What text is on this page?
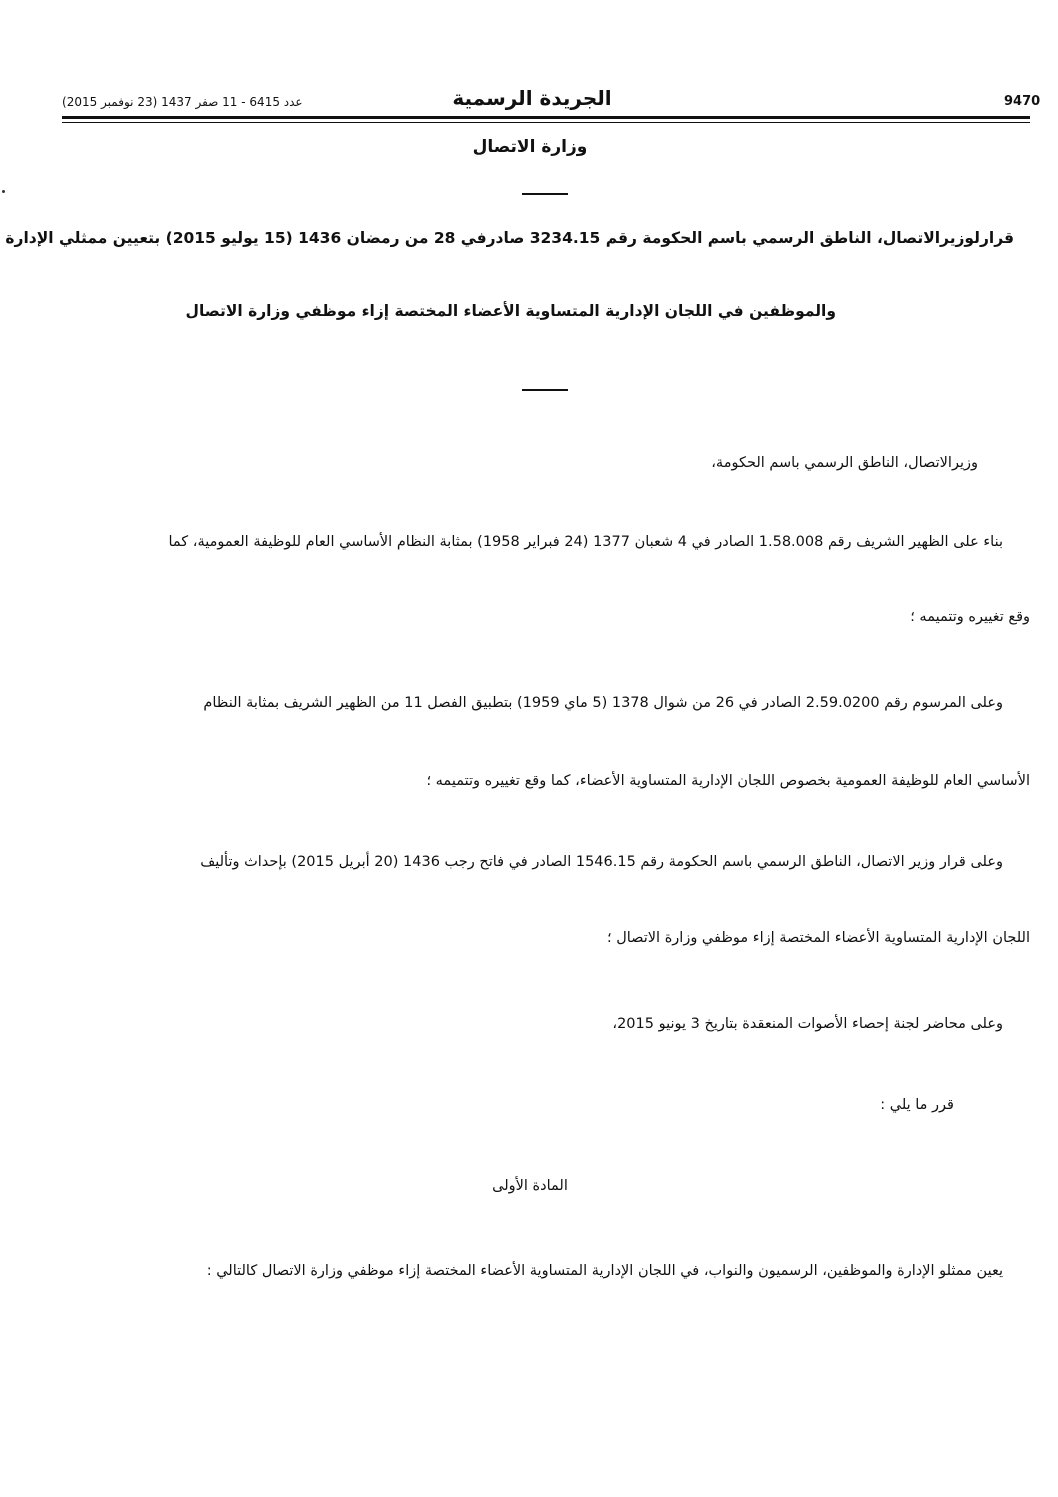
9470
الجريدة الرسمية
عدد 6415 - 11 صفر 1437 (23 نوفمبر 2015)
وزارة الاتصال
قرارلوزيرالاتصال، الناطق الرسمي باسم الحكومة رقم 3234.15 صادرفي 28 من رمضان 1436 (15 يوليو 2015) بتعيين ممثلي الإدارة
والموظفين في اللجان الإدارية المتساوية الأعضاء المختصة إزاء موظفي وزارة الاتصال
وزيرالاتصال، الناطق الرسمي باسم الحكومة،
بناء على الظهير الشريف رقم 1.58.008 الصادر في 4 شعبان 1377 (24 فبراير 1958) بمثابة النظام الأساسي العام للوظيفة العمومية، كما
وقع تغييره وتتميمه ؛
وعلى المرسوم رقم 2.59.0200 الصادر في 26 من شوال 1378 (5 ماي 1959) بتطبيق الفصل 11 من الظهير الشريف بمثابة النظام
الأساسي العام للوظيفة العمومية بخصوص اللجان الإدارية المتساوية الأعضاء، كما وقع تغييره وتتميمه ؛
وعلى قرار وزير الاتصال، الناطق الرسمي باسم الحكومة رقم 1546.15 الصادر في فاتح رجب 1436 (20 أبريل 2015) بإحداث وتأليف
اللجان الإدارية المتساوية الأعضاء المختصة إزاء موظفي وزارة الاتصال ؛
وعلى محاضر لجنة إحصاء الأصوات المنعقدة بتاريخ 3 يونيو 2015،
قرر ما يلي :
المادة الأولى
يعين ممثلو الإدارة والموظفين، الرسميون والنواب، في اللجان الإدارية المتساوية الأعضاء المختصة إزاء موظفي وزارة الاتصال كالتالي :
